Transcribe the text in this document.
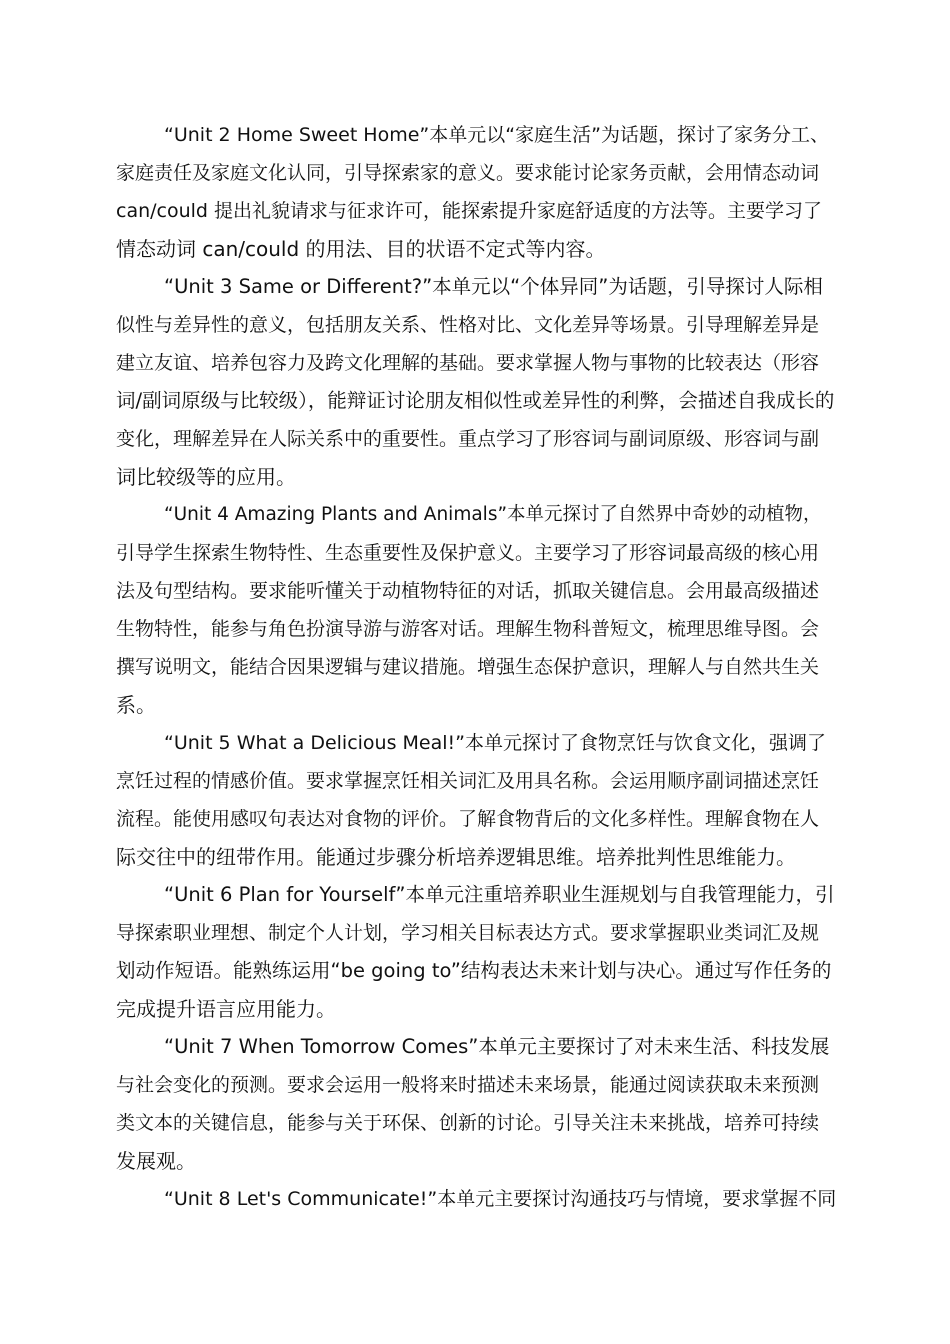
“Unit 2 Home Sweet Home”本单元以“家庭生活”为话题，探讨了家务分工、
家庭责任及家庭文化认同，引导探索家的意义。要求能讨论家务贡献，会用情态动词
can/could 提出礼貌请求与征求许可，能探索提升家庭舒适度的方法等。主要学习了
情态动词 can/could 的用法、目的状语不定式等内容。
“Unit 3 Same or Different?”本单元以“个体异同”为话题，引导探讨人际相
似性与差异性的意义，包括朋友关系、性格对比、文化差异等场景。引导理解差异是
建立友谊、培养包容力及跨文化理解的基础。要求掌握人物与事物的比较表达（形容
词/副词原级与比较级），能辩证讨论朋友相似性或差异性的利弊，会描述自我成长的
变化，理解差异在人际关系中的重要性。重点学习了形容词与副词原级、形容词与副
词比较级等的应用。
“Unit 4 Amazing Plants and Animals”本单元探讨了自然界中奇妙的动植物，
引导学生探索生物特性、生态重要性及保护意义。主要学习了形容词最高级的核心用
法及句型结构。要求能听懂关于动植物特征的对话，抓取关键信息。会用最高级描述
生物特性，能参与角色扮演导游与游客对话。理解生物科普短文，梳理思维导图。会
撰写说明文，能结合因果逻辑与建议措施。增强生态保护意识，理解人与自然共生关
系。
“Unit 5 What a Delicious Meal!”本单元探讨了食物烹饪与饮食文化，强调了
烹饪过程的情感价值。要求掌握烹饪相关词汇及用具名称。会运用顺序副词描述烹饪
流程。能使用感叹句表达对食物的评价。了解食物背后的文化多样性。理解食物在人
际交往中的纽带作用。能通过步骤分析培养逻辑思维。培养批判性思维能力。
“Unit 6 Plan for Yourself”本单元注重培养职业生涯规划与自我管理能力，引
导探索职业理想、制定个人计划，学习相关目标表达方式。要求掌握职业类词汇及规
划动作短语。能熟练运用“be going to”结构表达未来计划与决心。通过写作任务的
完成提升语言应用能力。
“Unit 7 When Tomorrow Comes”本单元主要探讨了对未来生活、科技发展
与社会变化的预测。要求会运用一般将来时描述未来场景，能通过阅读获取未来预测
类文本的关键信息，能参与关于环保、创新的讨论。引导关注未来挑战，培养可持续
发展观。
“Unit 8 Let's Communicate!”本单元主要探讨沟通技巧与情境，要求掌握不同
